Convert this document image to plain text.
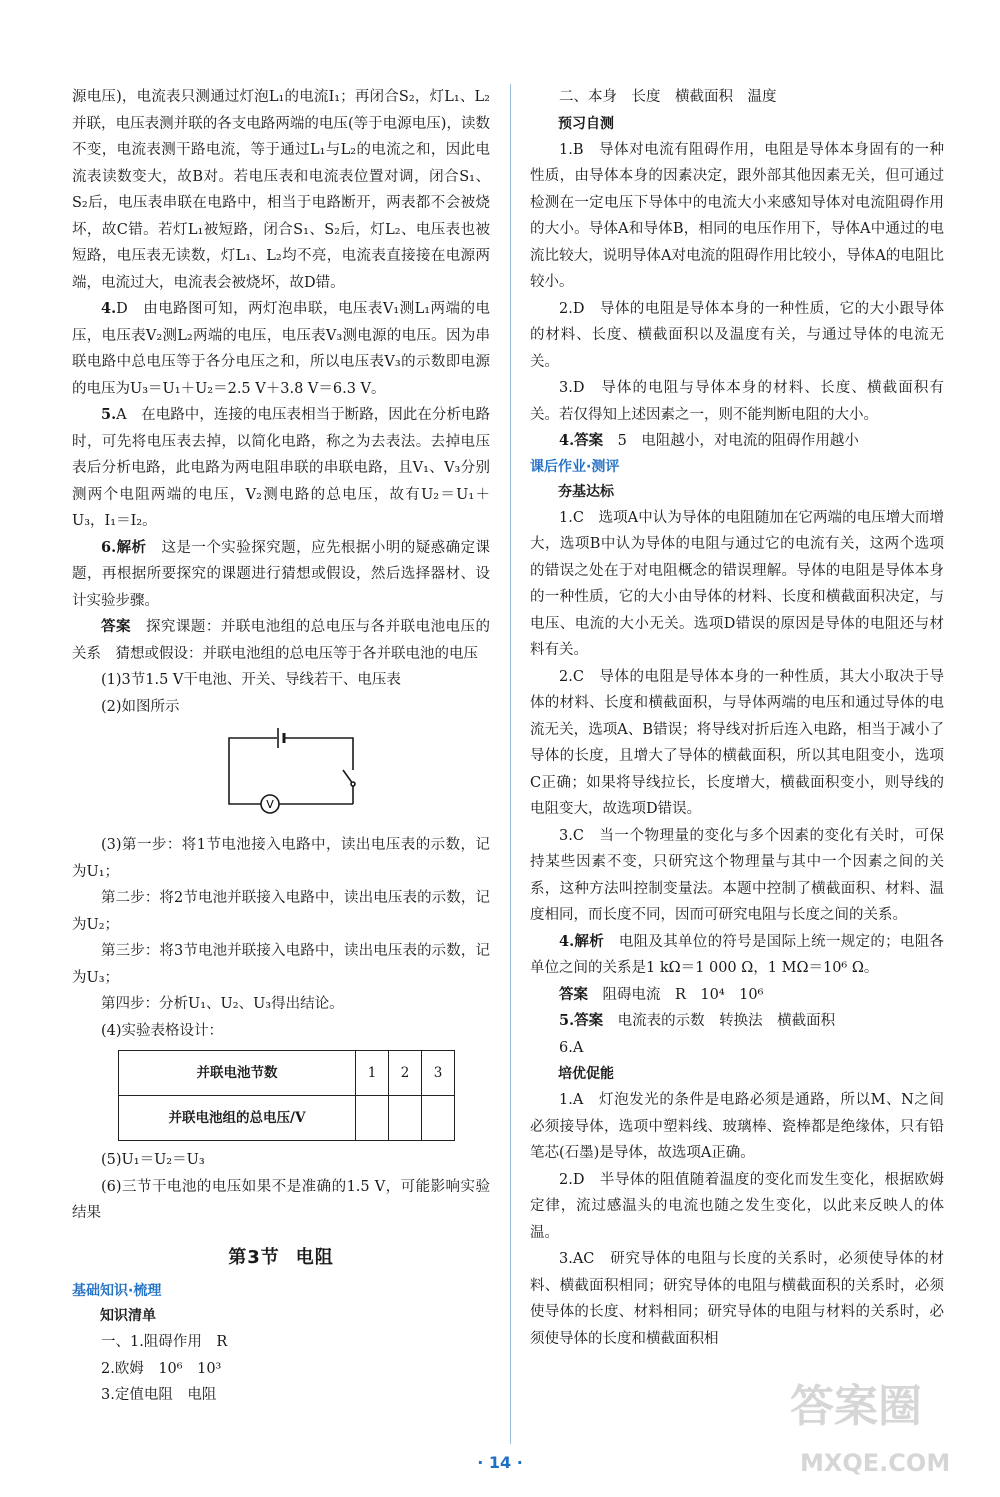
源电压)，电流表只测通过灯泡L₁的电流I₁；再闭合S₂，灯L₁、L₂并联，电压表测并联的各支电路两端的电压(等于电源电压)，读数不变，电流表测干路电流，等于通过L₁与L₂的电流之和，因此电流表读数变大，故B对。若电压表和电流表位置对调，闭合S₁、S₂后，电压表串联在电路中，相当于电路断开，两表都不会被烧坏，故C错。若灯L₁被短路，闭合S₁、S₂后，灯L₂、电压表也被短路，电压表无读数，灯L₁、L₂均不亮，电流表直接接在电源两端，电流过大，电流表会被烧坏，故D错。

4.D　由电路图可知，两灯泡串联，电压表V₁测L₁两端的电压，电压表V₂测L₂两端的电压，电压表V₃测电源的电压。因为串联电路中总电压等于各分电压之和，所以电压表V₃的示数即电源的电压为U₃＝U₁＋U₂＝2.5 V＋3.8 V＝6.3 V。

5.A　在电路中，连接的电压表相当于断路，因此在分析电路时，可先将电压表去掉，以简化电路，称之为去表法。去掉电压表后分析电路，此电路为两电阻串联的串联电路，且V₁、V₃分别测两个电阻两端的电压，V₂测电路的总电压，故有U₂＝U₁＋U₃，I₁＝I₂。

6.解析　 这是一个实验探究题，应先根据小明的疑惑确定课题，再根据所要探究的课题进行猜想或假设，然后选择器材、设计实验步骤。

答案　 探究课题：并联电池组的总电压与各并联电池电压的关系　猜想或假设：并联电池组的总电压等于各并联电池的电压

(1)3节1.5 V干电池、开关、导线若干、电压表

(2)如图所示

V

(3)第一步：将1节电池接入电路中，读出电压表的示数，记为U₁；

第二步：将2节电池并联接入电路中，读出电压表的示数，记为U₂；

第三步：将3节电池并联接入电路中，读出电压表的示数，记为U₃；

第四步：分析U₁、U₂、U₃得出结论。

(4)实验表格设计：

并联电池节数	1	2	3
并联电池组的总电压/V			

(5)U₁＝U₂＝U₃

(6)三节干电池的电压如果不是准确的1.5 V，可能影响实验结果

第3节 电阻
基础知识·梳理
知识清单

一、1.阻碍作用　R

2.欧姆　10⁶　10³

3.定值电阻　电阻

二、本身　长度　横截面积　温度

预习自测

1.B　导体对电流有阻碍作用，电阻是导体本身固有的一种性质，由导体本身的因素决定，跟外部其他因素无关，但可通过检测在一定电压下导体中的电流大小来感知导体对电流阻碍作用的大小。导体A和导体B，相同的电压作用下，导体A中通过的电流比较大，说明导体A对电流的阻碍作用比较小，导体A的电阻比较小。

2.D　导体的电阻是导体本身的一种性质，它的大小跟导体的材料、长度、横截面积以及温度有关，与通过导体的电流无关。

3.D　导体的电阻与导体本身的材料、长度、横截面积有关。若仅得知上述因素之一，则不能判断电阻的大小。

4.答案　 5　电阻越小，对电流的阻碍作用越小

课后作业·测评
夯基达标

1.C　选项A中认为导体的电阻随加在它两端的电压增大而增大，选项B中认为导体的电阻与通过它的电流有关，这两个选项的错误之处在于对电阻概念的错误理解。导体的电阻是导体本身的一种性质，它的大小由导体的材料、长度和横截面积决定，与电压、电流的大小无关。选项D错误的原因是导体的电阻还与材料有关。

2.C　导体的电阻是导体本身的一种性质，其大小取决于导体的材料、长度和横截面积，与导体两端的电压和通过导体的电流无关，选项A、B错误；将导线对折后连入电路，相当于减小了导体的长度，且增大了导体的横截面积，所以其电阻变小，选项C正确；如果将导线拉长，长度增大，横截面积变小，则导线的电阻变大，故选项D错误。

3.C　当一个物理量的变化与多个因素的变化有关时，可保持某些因素不变，只研究这个物理量与其中一个因素之间的关系，这种方法叫控制变量法。本题中控制了横截面积、材料、温度相同，而长度不同，因而可研究电阻与长度之间的关系。

4.解析　 电阻及其单位的符号是国际上统一规定的；电阻各单位之间的关系是1 kΩ＝1 000 Ω，1 MΩ＝10⁶ Ω。

答案　 阻碍电流　R　10⁴　10⁶

5.答案　 电流表的示数　转换法　横截面积

6.A

培优促能

1.A　灯泡发光的条件是电路必须是通路，所以M、N之间必须接导体，选项中塑料线、玻璃棒、瓷棒都是绝缘体，只有铅笔芯(石墨)是导体，故选项A正确。

2.D　半导体的阻值随着温度的变化而发生变化，根据欧姆定律，流过感温头的电流也随之发生变化，以此来反映人的体温。

3.AC　研究导体的电阻与长度的关系时，必须使导体的材料、横截面积相同；研究导体的电阻与横截面积的关系时，必须使导体的长度、材料相同；研究导体的电阻与材料的关系时，必须使导体的长度和横截面积相

答案圈
MXQE.COM
· 14 ·
